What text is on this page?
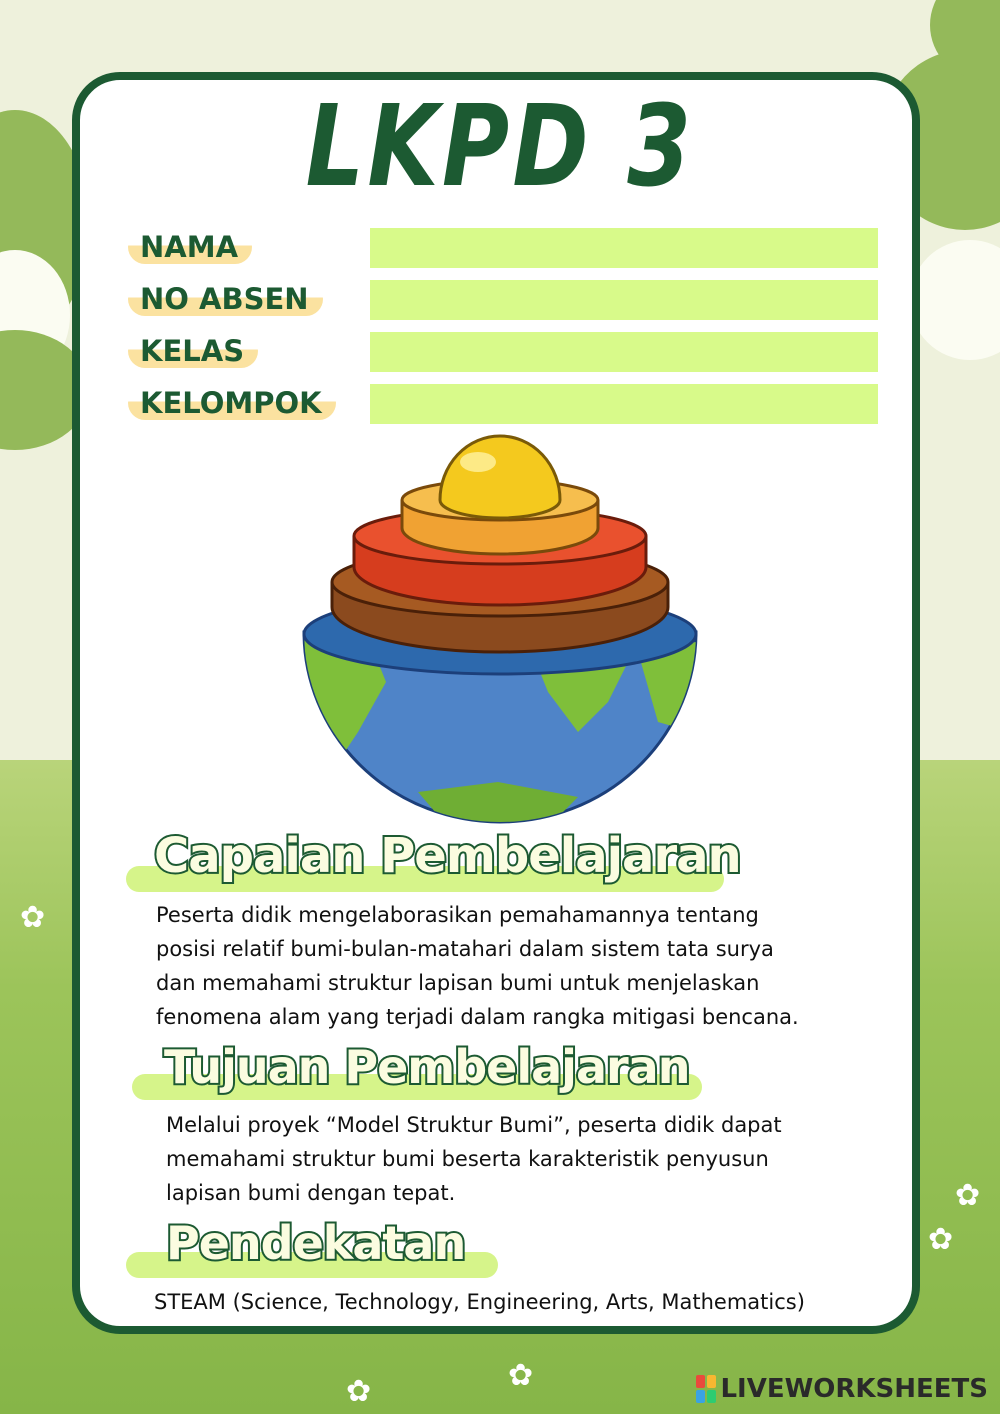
✿
✿
✿
✿
✿
LKPD 3
NAMA
NO ABSEN
KELAS
KELOMPOK
Capaian Pembelajaran

Peserta didik mengelaborasikan pemahamannya tentang

posisi relatif bumi-bulan-matahari dalam sistem tata surya

dan memahami struktur lapisan bumi untuk menjelaskan

fenomena alam yang terjadi dalam rangka mitigasi bencana.

Tujuan Pembelajaran

Melalui proyek “Model Struktur Bumi”, peserta didik dapat

memahami struktur bumi beserta karakteristik penyusun

lapisan bumi dengan tepat.

Pendekatan

STEAM (Science, Technology, Engineering, Arts, Mathematics)

LIVEWORKSHEETS
